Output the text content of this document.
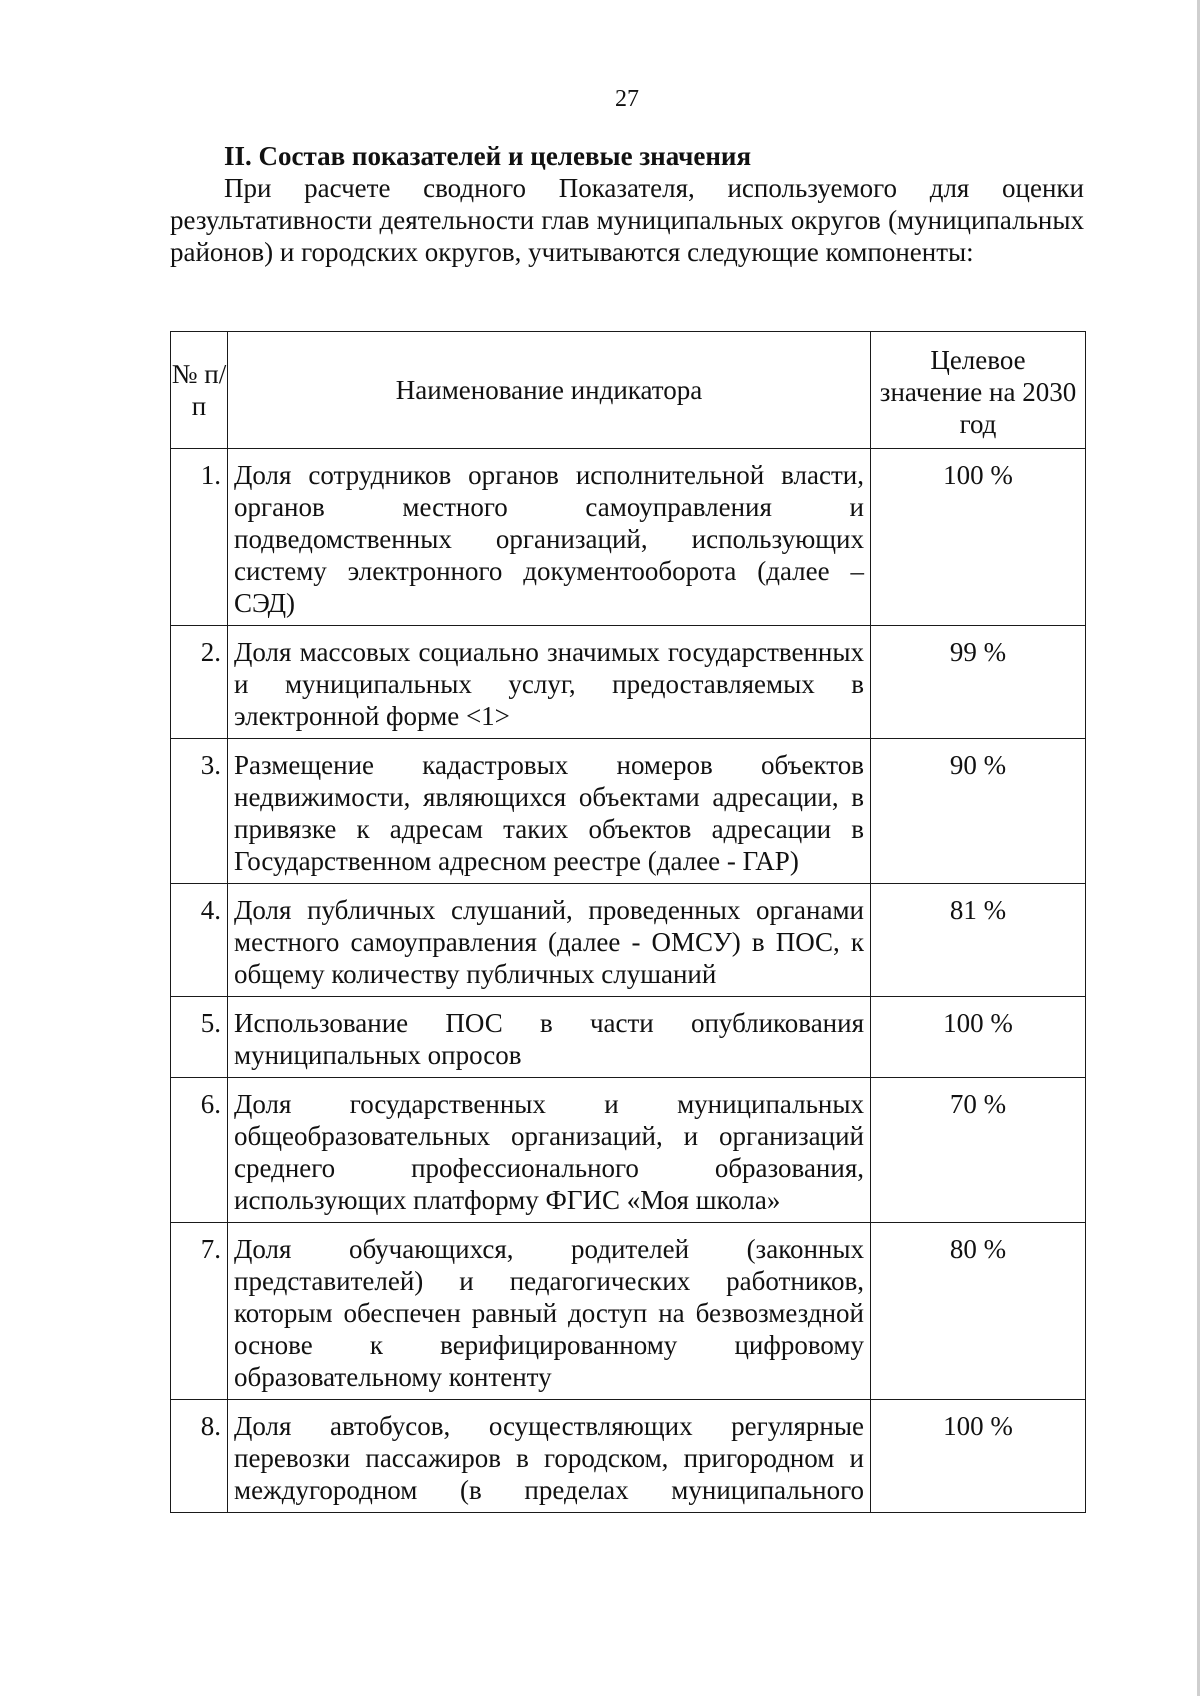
27
II. Состав показателей и целевые значения

При расчете сводного Показателя, используемого для оценки результативности деятельности глав муниципальных округов (муниципальных районов) и городских округов, учитываются следующие компоненты:

№ п/п	Наименование индикатора	Целевое значение на 2030 год
1.	Доля сотрудников органов исполнительной власти, органов местного самоуправления и подведомственных организаций, использующих систему электронного документооборота (далее – СЭД)	100 %
2.	Доля массовых социально значимых государственных и муниципальных услуг, предоставляемых в электронной форме <1>	99 %
3.	Размещение кадастровых номеров объектов недвижимости, являющихся объектами адресации, в привязке к адресам таких объектов адресации в Государственном адресном реестре (далее - ГАР)	90 %
4.	Доля публичных слушаний, проведенных органами местного самоуправления (далее - ОМСУ) в ПОС, к общему количеству публичных слушаний	81 %
5.	Использование ПОС в части опубликования муниципальных опросов	100 %
6.	Доля государственных и муниципальных общеобразовательных организаций, и организаций среднего профессионального образования, использующих платформу ФГИС «Моя школа»	70 %
7.	Доля обучающихся, родителей (законных представителей) и педагогических работников, которым обеспечен равный доступ на безвозмездной основе к верифицированному цифровому образовательному контенту	80 %
8.	Доля автобусов, осуществляющих регулярные перевозки пассажиров в городском, пригородном и междугородном (в пределах муниципального	100 %
